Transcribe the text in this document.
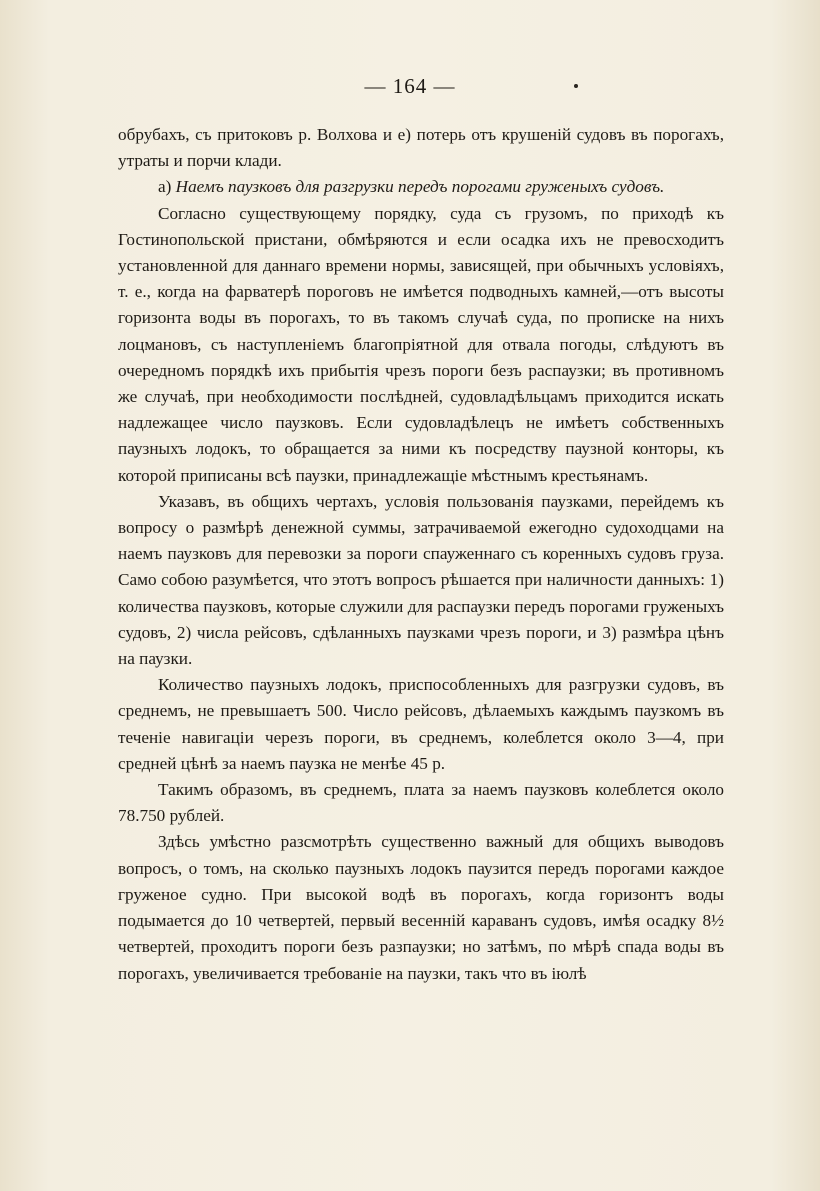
— 164 —

обрубахъ, съ притоковъ р. Волхова и е) потерь отъ крушеній судовъ въ порогахъ, утраты и порчи клади.

а) Наемъ паузковъ для разгрузки передъ порогами груженыхъ судовъ.

Согласно существующему порядку, суда съ грузомъ, по приходѣ къ Гостинопольской пристани, обмѣряются и если осадка ихъ не превосходитъ установленной для даннаго времени нормы, зависящей, при обычныхъ условіяхъ, т. е., когда на фарватерѣ пороговъ не имѣется подводныхъ камней,—отъ высоты горизонта воды въ порогахъ, то въ такомъ случаѣ суда, по прописке на нихъ лоцмановъ, съ наступленіемъ благопріятной для отвала погоды, слѣдуютъ въ очередномъ порядкѣ ихъ прибытія чрезъ пороги безъ распаузки; въ противномъ же случаѣ, при необходимости послѣдней, судовладѣльцамъ приходится искать надлежащее число паузковъ. Если судовладѣлецъ не имѣетъ собственныхъ паузныхъ лодокъ, то обращается за ними къ посредству паузной конторы, къ которой приписаны всѣ паузки, принадлежащіе мѣстнымъ крестьянамъ.

Указавъ, въ общихъ чертахъ, условія пользованія паузками, перейдемъ къ вопросу о размѣрѣ денежной суммы, затрачиваемой ежегодно судоходцами на наемъ паузковъ для перевозки за пороги спауженнаго съ коренныхъ судовъ груза. Само собою разумѣется, что этотъ вопросъ рѣшается при наличности данныхъ: 1) количества паузковъ, которые служили для распаузки передъ порогами груженыхъ судовъ, 2) числа рейсовъ, сдѣланныхъ паузками чрезъ пороги, и 3) размѣра цѣнъ на паузки.

Количество паузныхъ лодокъ, приспособленныхъ для разгрузки судовъ, въ среднемъ, не превышаетъ 500. Число рейсовъ, дѣлаемыхъ каждымъ паузкомъ въ теченіе навигаціи черезъ пороги, въ среднемъ, колеблется около 3—4, при средней цѣнѣ за наемъ паузка не менѣе 45 р.

Такимъ образомъ, въ среднемъ, плата за наемъ паузковъ колеблется около 78.750 рублей.

Здѣсь умѣстно разсмотрѣть существенно важный для общихъ выводовъ вопросъ, о томъ, на сколько паузныхъ лодокъ паузится передъ порогами каждое груженое судно. При высокой водѣ въ порогахъ, когда горизонтъ воды подымается до 10 четвертей, первый весенній караванъ судовъ, имѣя осадку 8½ четвертей, проходитъ пороги безъ разпаузки; но затѣмъ, по мѣрѣ спада воды въ порогахъ, увеличивается требованіе на паузки, такъ что въ іюлѣ
